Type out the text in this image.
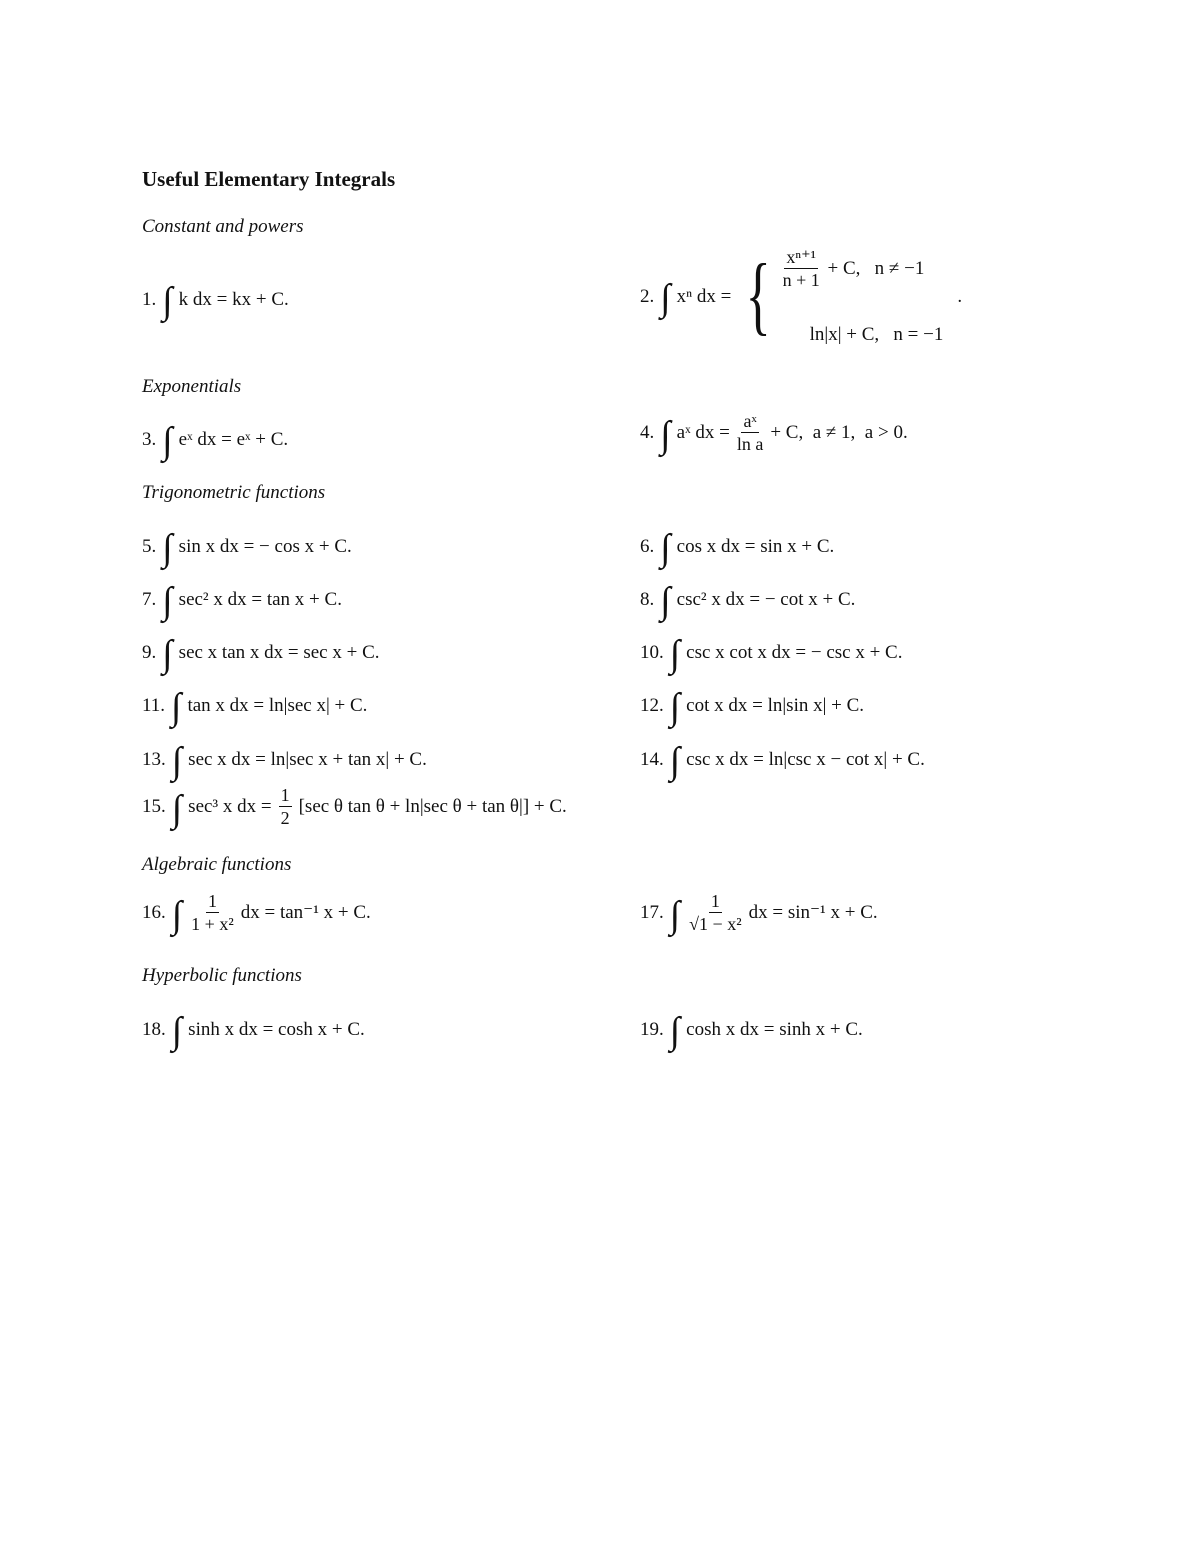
Useful Elementary Integrals
Constant and powers
1. ∫ k dx = kx + C.	2. ∫ xⁿ dx = { $\frac{\text{xⁿ⁺¹}}{n + 1} + C$,   n ≠ −1
ln|x| + C,   n = −1
.
Exponentials
3. ∫ eˣ dx = eˣ + C.	4. ∫ aˣ dx = $\frac{\text{aˣ}}{\text{ln a}} + C$,  a ≠ 1,  a > 0.
Trigonometric functions
5. ∫ sin x dx = − cos x + C.	6. ∫ cos x dx = sin x + C.
7. ∫ sec² x dx = tan x + C.	8. ∫ csc² x dx = − cot x + C.
9. ∫ sec x tan x dx = sec x + C.	10. ∫ csc x cot x dx = − csc x + C.
11. ∫ tan x dx = ln|sec x| + C.	12. ∫ cot x dx = ln|sin x| + C.
13. ∫ sec x dx = ln|sec x + tan x| + C.	14. ∫ csc x dx = ln|csc x − cot x| + C.
15. ∫ sec³ x dx = $\frac{1}{2} [\sec$ θ tan θ + ln|sec θ + tan θ|] + C.
Algebraic functions
16. ∫ $\frac{1}{\text{1 + x²}}$ dx = tan⁻¹ x + C.	17. ∫ $\frac{1}{\text{√1 − x²}}$ dx = sin⁻¹ x + C.
Hyperbolic functions
18. ∫ sinh x dx = cosh x + C.	19. ∫ cosh x dx = sinh x + C.
